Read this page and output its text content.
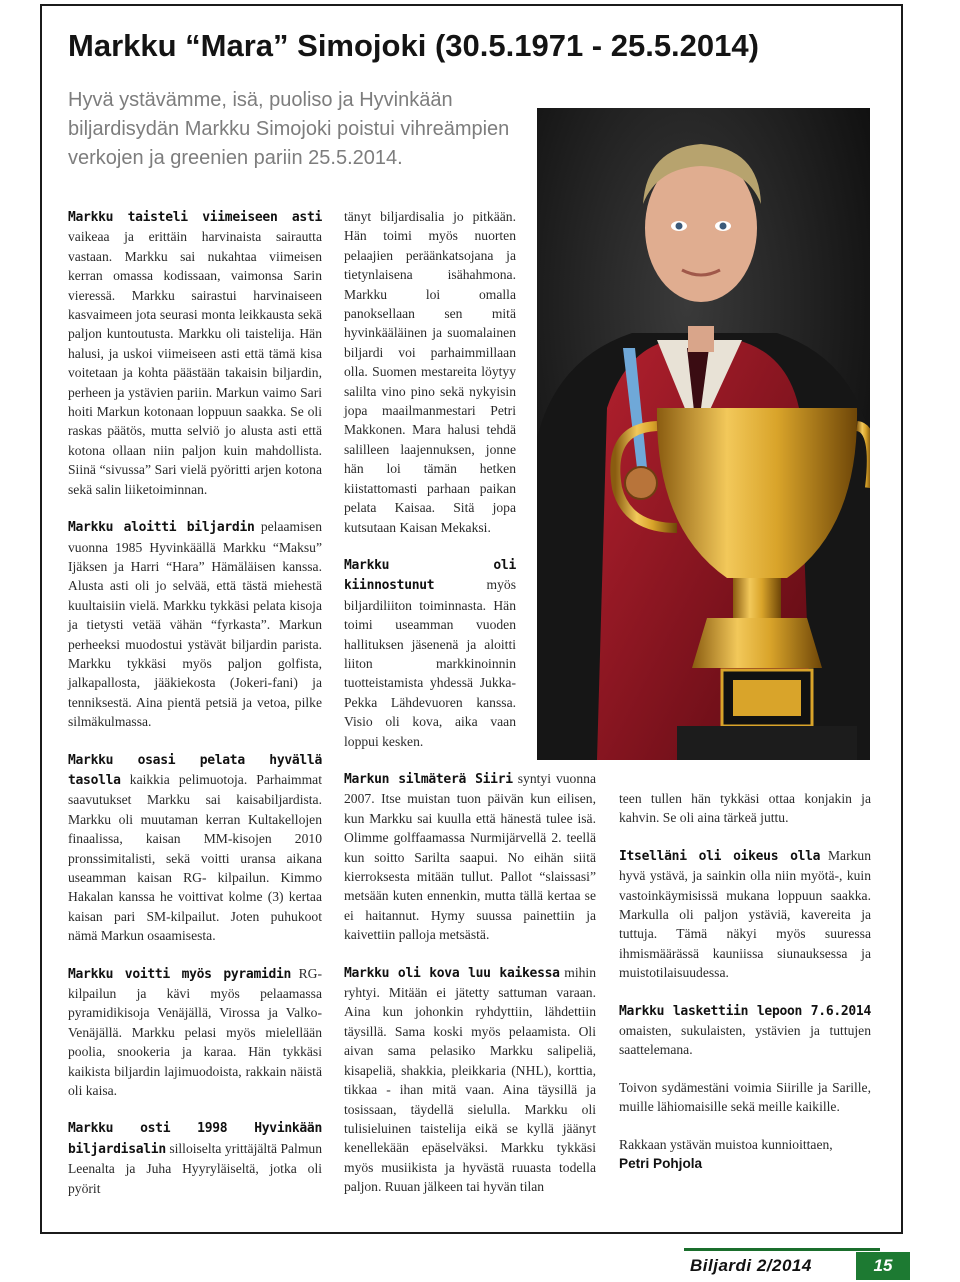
Markku “Mara” Simojoki (30.5.1971 - 25.5.2014)

Hyvä ystävämme, isä, puoliso ja Hyvinkään biljardisydän Markku Simojoki poistui vihreämpien verkojen ja greenien pariin 25.5.2014.

Markku taisteli viimeiseen asti vaikeaa ja erittäin harvinaista sairautta vastaan. Markku sai nukahtaa viimeisen kerran omassa kodissaan, vaimonsa Sarin vieressä. Markku sairastui harvinaiseen kasvaimeen jota seurasi monta leikkausta sekä paljon kuntoutusta. Markku oli taistelija. Hän halusi, ja uskoi viimeiseen asti että tämä kisa voitetaan ja kohta päästään takaisin biljardin, perheen ja ystävien pariin. Markun vaimo Sari hoiti Markun kotonaan loppuun saakka. Se oli raskas päätös, mutta selviö jo alusta asti että kotona ollaan niin paljon kuin mahdollista. Siinä “sivussa” Sari vielä pyöritti arjen kotona sekä salin liiketoiminnan.

Markku aloitti biljardin pelaamisen vuonna 1985 Hyvinkäällä Markku “Maksu” Ijäksen ja Harri “Hara” Hämäläisen kanssa. Alusta asti oli jo selvää, että tästä miehestä kuultaisiin vielä. Markku tykkäsi pelata kisoja ja tietysti vetää vähän “fyrkasta”. Markun perheeksi muodostui ystävät biljardin parista. Markku tykkäsi myös paljon golfista, jalkapallosta, jääkiekosta (Jokeri-fani) ja tenniksestä. Aina pientä petsiä ja vetoa, pilke silmäkulmassa.

Markku osasi pelata hyvällä tasolla kaikkia pelimuotoja. Parhaimmat saavutukset Markku sai kaisabiljardista. Markku oli muutaman kerran Kultakellojen finaalissa, kaisan MM-kisojen 2010 pronssimitalisti, sekä voitti uransa aikana useamman kaisan RG- kilpailun. Kimmo Hakalan kanssa he voittivat kolme (3) kertaa kaisan pari SM-kilpailut. Joten puhukoot nämä Markun osaamisesta.

Markku voitti myös pyramidin RG-kilpailun ja kävi myös pelaamassa pyramidikisoja Venäjällä, Virossa ja Valko-Venäjällä. Markku pelasi myös mielellään poolia, snookeria ja karaa. Hän tykkäsi kaikista biljardin lajimuodoista, rakkain näistä oli kaisa.

Markku osti 1998 Hyvinkään biljardisalin silloiselta yrittäjältä Palmun Leenalta ja Juha Hyyryläiseltä, jotka oli pyörit

tänyt biljardisalia jo pitkään. Hän toimi myös nuorten pelaajien peräänkatsojana ja tietynlaisena isähahmona. Markku loi omalla panoksellaan sen mitä hyvinkääläinen ja suomalainen biljardi voi parhaimmillaan olla. Suomen mestareita löytyy salilta vino pino sekä nykyisin jopa maailmanmestari Petri Makkonen. Mara halusi tehdä salilleen laajennuksen, jonne hän loi tämän hetken kiistattomasti parhaan paikan pelata Kaisaa. Sitä jopa kutsutaan Kaisan Mekaksi.

Markku oli kiinnostunut myös biljardiliiton toiminnasta. Hän toimi useamman vuoden hallituksen jäsenenä ja aloitti liiton markkinoinnin tuotteistamista yhdessä Jukka-Pekka Lähdevuoren kanssa. Visio oli kova, aika vaan loppui kesken.

Markun silmäterä Siiri syntyi vuonna 2007. Itse muistan tuon päivän kun eilisen, kun Markku sai kuulla että hänestä tulee isä. Olimme golffaamassa Nurmijärvellä 2. teellä kun soitto Sarilta saapui. No eihän siitä kierroksesta mitään tullut. Pallot “slaissasi” metsään kuten ennenkin, mutta tällä kertaa se ei haitannut. Hymy suussa painettiin ja kaivettiin palloja metsästä.

Markku oli kova luu kaikessa mihin ryhtyi. Mitään ei jätetty sattuman varaan. Aina kun johonkin ryhdyttiin, lähdettiin täysillä. Sama koski myös pelaamista. Oli aivan sama pelasiko Markku salipeliä, kisapeliä, shakkia, pleikkaria (NHL), korttia, tikkaa - ihan mitä vaan. Aina täysillä ja tosissaan, täydellä sielulla. Markku oli tulisieluinen taistelija eikä se kyllä jäänyt kenellekään epäselväksi. Markku tykkäsi myös musiikista ja hyvästä ruuasta todella paljon. Ruuan jälkeen tai hyvän tilan

teen tullen hän tykkäsi ottaa konjakin ja kahvin. Se oli aina tärkeä juttu.

Itselläni oli oikeus olla Markun hyvä ystävä, ja sainkin olla niin myötä-, kuin vastoinkäymisissä mukana loppuun saakka. Markulla oli paljon ystäviä, kavereita ja tuttuja. Tämä näkyi myös suuressa ihmismäärässä kauniissa siunauksessa ja muistotilaisuudessa.

Markku laskettiin lepoon 7.6.2014 omaisten, sukulaisten, ystävien ja tuttujen saattelemana.

Toivon sydämestäni voimia Siirille ja Sarille, muille lähiomaisille sekä meille kaikille.

Rakkaan ystävän muistoa kunnioittaen,

Petri Pohjola
Biljardi 2/2014	15
